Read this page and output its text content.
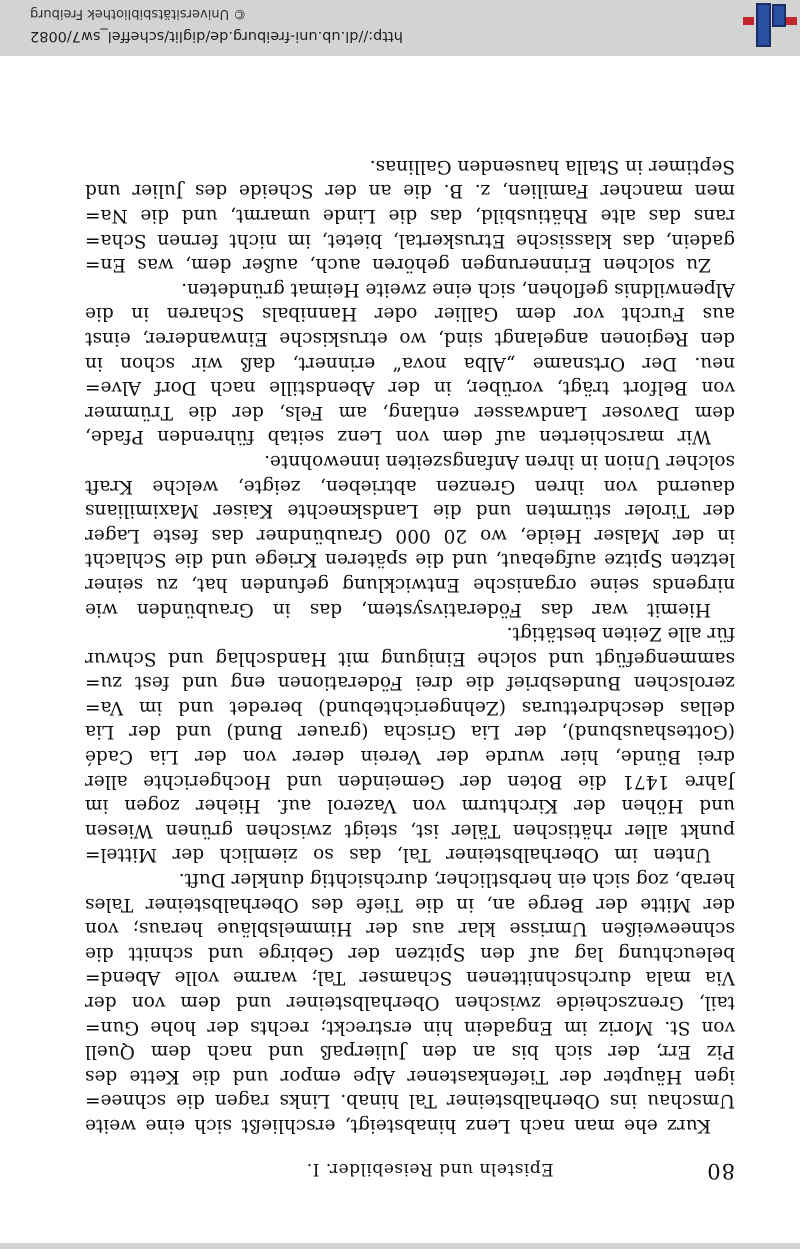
© Universitätsbibliothek Freiburg
http://dl.ub.uni-freiburg.de/diglit/scheffel_sw7/0082
80
Episteln und Reisebilder. I.
Kurz ehe man nach Lenz hinabsteigt, erschließt sich eine weite
Umschau ins Oberhalbsteiner Tal hinab. Links ragen die schnee=
igen Häupter der Tiefenkastener Alpe empor und die Kette des
Piz Err, der sich bis an den Julierpaß und nach dem Quell
von St. Moriz im Engadein hin erstreckt; rechts der hohe Gun=
tail, Grenzscheide zwischen Oberhalbsteiner und dem von der
Via mala durchschnittenen Schamser Tal; warme volle Abend=
beleuchtung lag auf den Spitzen der Gebirge und schnitt die
schneeweißen Umrisse klar aus der Himmelsbläue heraus; von
der Mitte der Berge an, in die Tiefe des Oberhalbsteiner Tales
herab, zog sich ein herbstlicher, durchsichtig dunkler Duft.
Unten im Oberhalbsteiner Tal, das so ziemlich der Mittel=
punkt aller rhätischen Täler ist, steigt zwischen grünen Wiesen
und Höhen der Kirchturm von Vazerol auf. Hieher zogen im
Jahre 1471 die Boten der Gemeinden und Hochgerichte aller
drei Bünde, hier wurde der Verein derer von der Lia Cadé
(Gotteshausbund), der Lia Grischa (grauer Bund) und der Lia
dellas deschdretturas (Zehngerichtebund) beredet und im Va=
zerolschen Bundesbrief die drei Föderationen eng und fest zu=
sammengefügt und solche Einigung mit Handschlag und Schwur
für alle Zeiten bestätigt.
Hiemit war das Föderativsystem, das in Graubünden wie
nirgends seine organische Entwicklung gefunden hat, zu seiner
letzten Spitze aufgebaut, und die späteren Kriege und die Schlacht
in der Malser Heide, wo 20 000 Graubündner das feste Lager
der Tiroler stürmten und die Landsknechte Kaiser Maximilians
dauernd von ihren Grenzen abtrieben, zeigte, welche Kraft
solcher Union in ihren Anfangszeiten innewohnte.
Wir marschierten auf dem von Lenz seitab führenden Pfade,
dem Davoser Landwasser entlang, am Fels, der die Trümmer
von Belfort trägt, vorüber, in der Abendstille nach Dorf Alve=
neu. Der Ortsname „Alba nova“ erinnert, daß wir schon in
den Regionen angelangt sind, wo etruskische Einwanderer, einst
aus Furcht vor dem Gallier oder Hannibals Scharen in die
Alpenwildnis geflohen, sich eine zweite Heimat gründeten.
Zu solchen Erinnerungen gehören auch, außer dem, was En=
gadein, das klassische Etruskertal, bietet, im nicht fernen Scha=
rans das alte Rhätiusbild, das die Linde umarmt, und die Na=
men mancher Familien, z. B. die an der Scheide des Julier und
Septimer in Stalla hausenden Gallinas.
